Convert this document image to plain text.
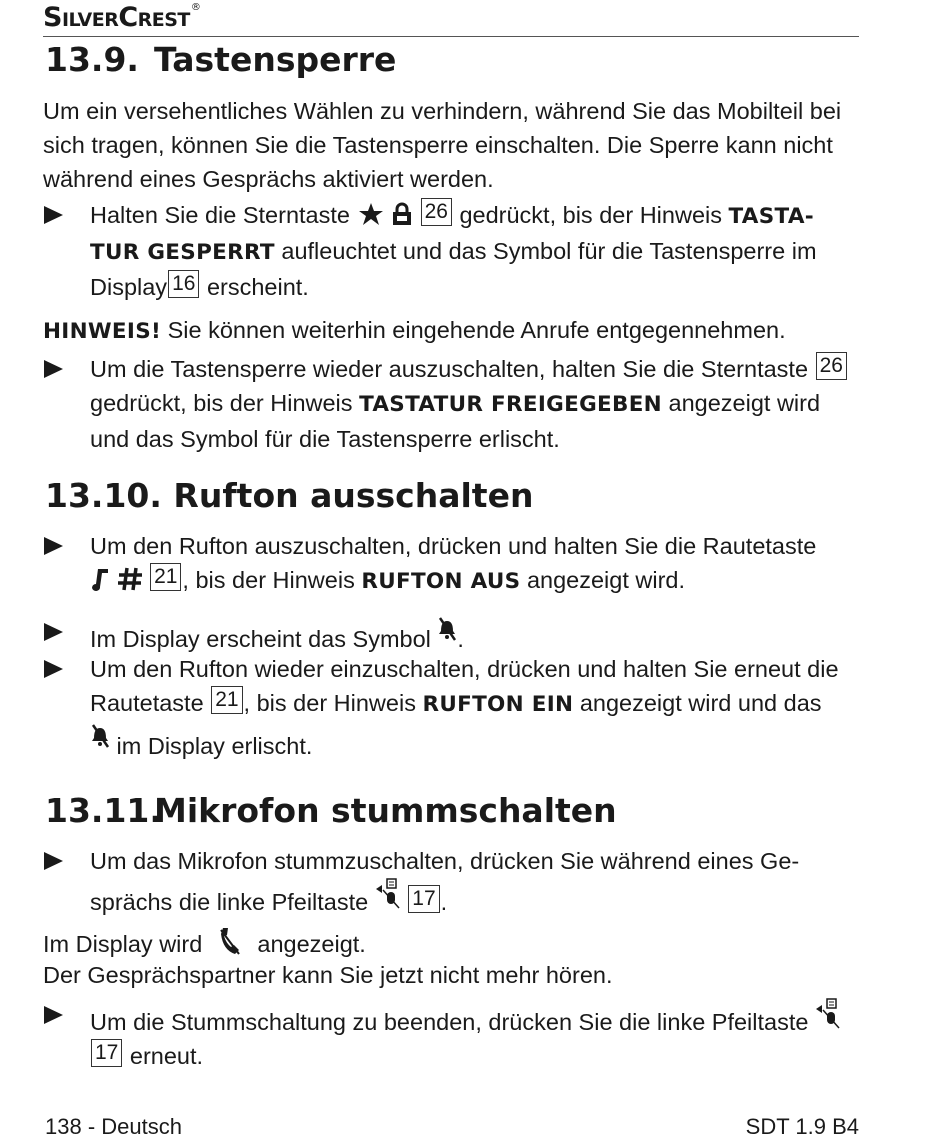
SilverCrest®
13.9. Tastensperre
Um ein versehentliches Wählen zu verhindern, während Sie das Mobilteil bei sich tragen, können Sie die Tastensperre einschalten. Die Sperre kann nicht während eines Gesprächs aktiviert werden.
Halten Sie die Sterntaste	26 gedrückt, bis der Hinweis TASTA-TUR GESPERRT aufleuchtet und das Symbol für die Tastensperre im Display 16 erscheint.
HINWEIS! Sie können weiterhin eingehende Anrufe entgegennehmen.
Um die Tastensperre wieder auszuschalten, halten Sie die Sterntaste 26 gedrückt, bis der Hinweis TASTATUR FREIGEGEBEN angezeigt wird und das Symbol für die Tastensperre erlischt.
13.10. Rufton ausschalten
Um den Rufton auszuschalten, drücken und halten Sie die Rautetaste
21 , bis der Hinweis RUFTON AUS angezeigt wird.
Im Display erscheint das Symbol .
Um den Rufton wieder einzuschalten, drücken und halten Sie erneut die Rautetaste 21 , bis der Hinweis RUFTON EIN angezeigt wird und das
im Display erlischt.
13.11.Mikrofon stummschalten
Um das Mikrofon stummzuschalten, drücken Sie während eines Ge-sprächs die linke Pfeiltaste 17 .
Im Display wird angezeigt.
Der Gesprächspartner kann Sie jetzt nicht mehr hören.
Um die Stummschaltung zu beenden, drücken Sie die linke Pfeiltaste
17 erneut.
138 - Deutsch	SDT 1.9 B4
